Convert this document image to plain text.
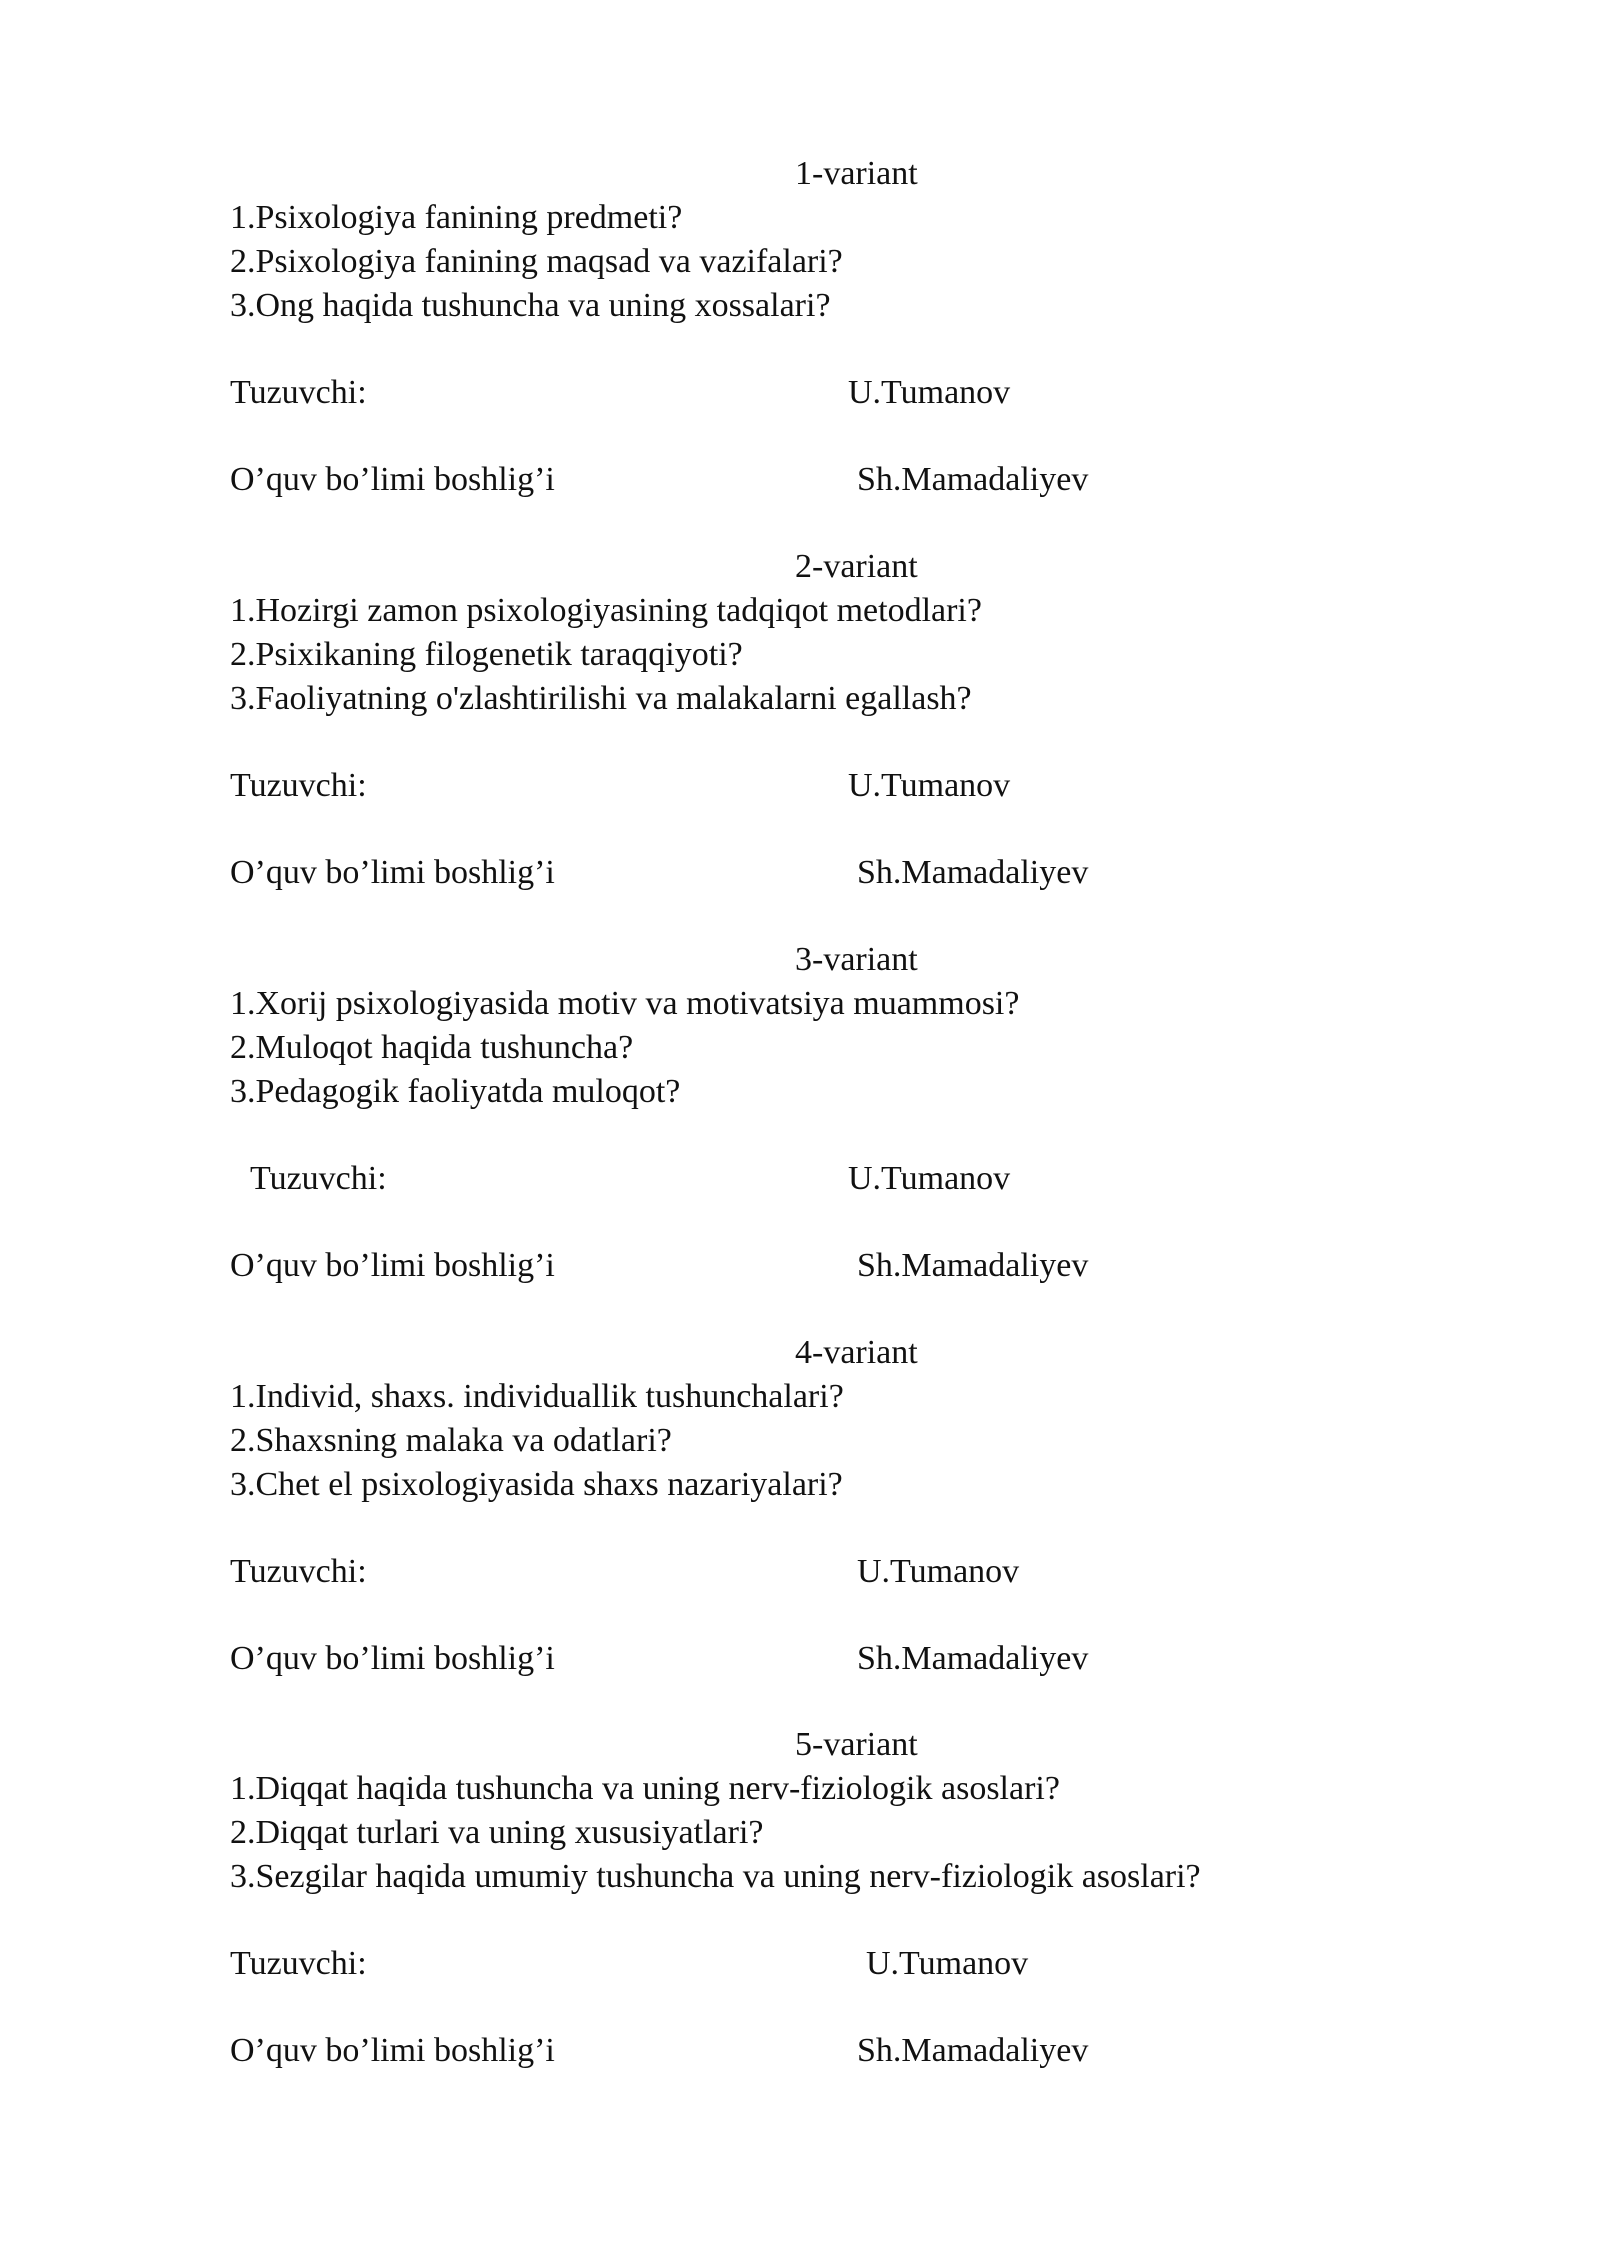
1-variant
1.Psixologiya fanining predmeti?
2.Psixologiya fanining maqsad va vazifalari?
3.Ong haqida tushuncha va uning xossalari?
Tuzuvchi:	U.Tumanov
O’quv bo’limi boshlig’i	Sh.Mamadaliyev
2-variant
1.Hozirgi zamon psixologiyasining tadqiqot metodlari?
2.Psixikaning filogenetik taraqqiyoti?
3.Faoliyatning o'zlashtirilishi va malakalarni egallash?
Tuzuvchi:	U.Tumanov
O’quv bo’limi boshlig’i	Sh.Mamadaliyev
3-variant
1.Xorij psixologiyasida motiv va motivatsiya muammosi?
2.Muloqot haqida tushuncha?
3.Pedagogik faoliyatda muloqot?
Tuzuvchi:	U.Tumanov
O’quv bo’limi boshlig’i	Sh.Mamadaliyev
4-variant
1.Individ, shaxs. individuallik tushunchalari?
2.Shaxsning malaka va odatlari?
3.Chet el psixologiyasida shaxs nazariyalari?
Tuzuvchi:	U.Tumanov
O’quv bo’limi boshlig’i	Sh.Mamadaliyev
5-variant
1.Diqqat haqida tushuncha va uning nerv-fiziologik asoslari?
2.Diqqat turlari va uning xususiyatlari?
3.Sezgilar haqida umumiy tushuncha va uning nerv-fiziologik asoslari?
Tuzuvchi:	U.Tumanov
O’quv bo’limi boshlig’i	Sh.Mamadaliyev
